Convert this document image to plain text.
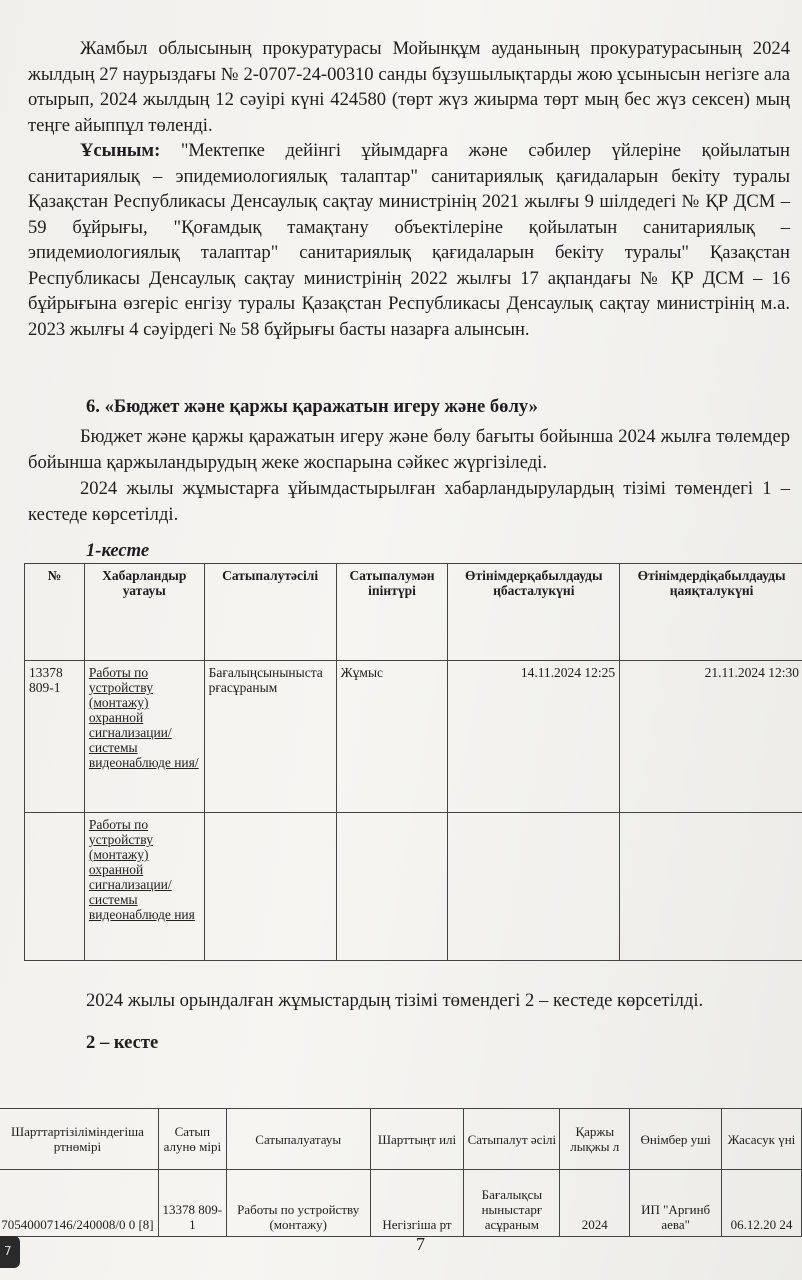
Жамбыл облысының прокуратурасы Мойынқұм ауданының прокуратурасының 2024 жылдың 27 наурыздағы № 2-0707-24-00310 санды бұзушылықтарды жою ұсынысын негізге ала отырып, 2024 жылдың 12 сәуірі күні 424580 (төрт жүз жиырма төрт мың бес жүз сексен) мың теңге айыппұл төленді.

Ұсыным: "Мектепке дейінгі ұйымдарға және сәбилер үйлеріне қойылатын санитариялық – эпидемиологиялық талаптар" санитариялық қағидаларын бекіту туралы Қазақстан Республикасы Денсаулық сақтау министрінің 2021 жылғы 9 шілдедегі № ҚР ДСМ – 59 бұйрығы, "Қоғамдық тамақтану объектілеріне қойылатын санитариялық – эпидемиологиялық талаптар" санитариялық қағидаларын бекіту туралы" Қазақстан Республикасы Денсаулық сақтау министрінің 2022 жылғы 17 ақпандағы № ҚР ДСМ – 16 бұйрығына өзгеріс енгізу туралы Қазақстан Республикасы Денсаулық сақтау министрінің м.а. 2023 жылғы 4 сәуірдегі № 58 бұйрығы басты назарға алынсын.

6. «Бюджет және қаржы қаражатын игеру және бөлу»

Бюджет және қаржы қаражатын игеру және бөлу бағыты бойынша 2024 жылға төлемдер бойынша қаржыландырудың жеке жоспарына сәйкес жүргізіледі.

2024 жылы жұмыстарға ұйымдастырылған хабарландырулардың тізімі төмендегі 1 – кестеде көрсетілді.

1-кесте
№	Хабарландыр уатауы	Сатыпалутәсілі	Сатыпалумән іпінтүрі	Өтінімдерқабылдауды ңбасталукүні	Өтінімдердіқабылдауды ңаяқталукүні
13378 809-1	Работы по устройству (монтажу) охранной сигнализации/ системы видеонаблюде ния/	Бағалыңсыныныста рғасұраным	Жұмыс	14.11.2024 12:25	21.11.2024 12:30
	Работы по устройству (монтажу) охранной сигнализации/ системы видеонаблюде ния				
2024 жылы орындалған жұмыстардың тізімі төмендегі 2 – кестеде көрсетілді.
2 – кесте
Шарттартізіліміндегіша ртнөмірі	Сатып алунө мірі	Сатыпалуатауы	Шарттыңт илі	Сатыпалут әсілі	Қаржы лықжы л	Өнімбер уші	Жасасук үні
70540007146/240008/0 0 [8]	13378 809-1	Работы по устройству (монтажу)	Негізгіша рт	Бағалықсы ныныстарғ асұраным	2024	ИП "Аргинб аева"	06.12.20 24
7
7
